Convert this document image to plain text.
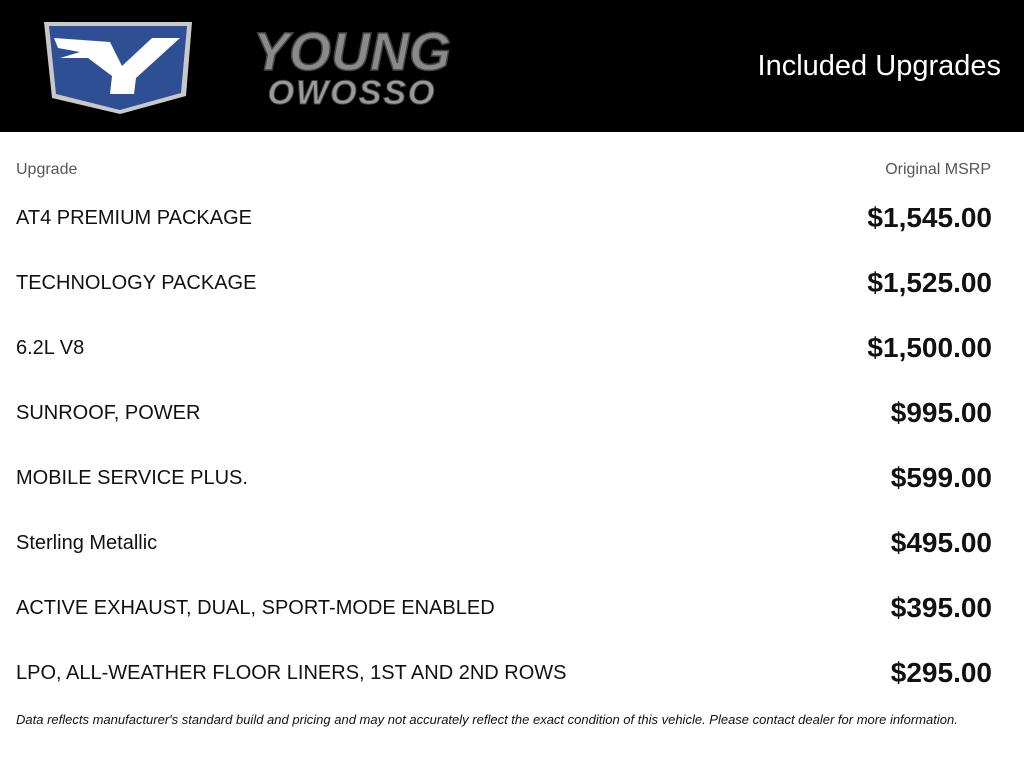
YOUNG
OWOSSO
Included Upgrades
Upgrade	Original MSRP
AT4 PREMIUM PACKAGE	$1,545.00
TECHNOLOGY PACKAGE	$1,525.00
6.2L V8	$1,500.00
SUNROOF, POWER	$995.00
MOBILE SERVICE PLUS.	$599.00
Sterling Metallic	$495.00
ACTIVE EXHAUST, DUAL, SPORT-MODE ENABLED	$395.00
LPO, ALL-WEATHER FLOOR LINERS, 1ST AND 2ND ROWS	$295.00
Data reflects manufacturer's standard build and pricing and may not accurately reflect the exact condition of this vehicle. Please contact dealer for more information.
